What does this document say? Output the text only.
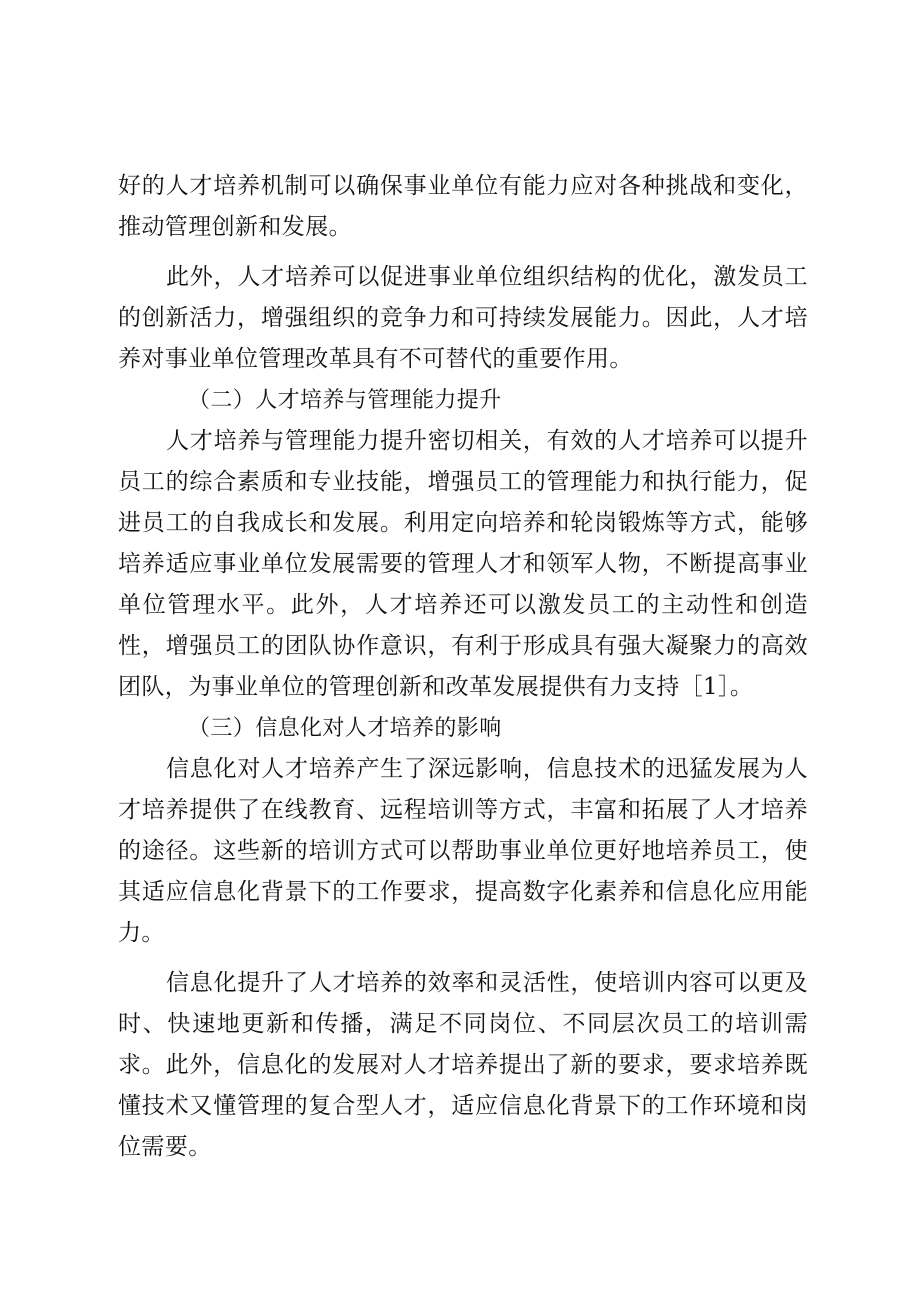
好的人才培养机制可以确保事业单位有能力应对各种挑战和变化，推动管理创新和发展。

此外，人才培养可以促进事业单位组织结构的优化，激发员工的创新活力，增强组织的竞争力和可持续发展能力。因此，人才培养对事业单位管理改革具有不可替代的重要作用。

（二）人才培养与管理能力提升

人才培养与管理能力提升密切相关，有效的人才培养可以提升员工的综合素质和专业技能，增强员工的管理能力和执行能力，促进员工的自我成长和发展。利用定向培养和轮岗锻炼等方式，能够培养适应事业单位发展需要的管理人才和领军人物，不断提高事业单位管理水平。此外，人才培养还可以激发员工的主动性和创造性，增强员工的团队协作意识，有利于形成具有强大凝聚力的高效团队，为事业单位的管理创新和改革发展提供有力支持［1］。

（三）信息化对人才培养的影响

信息化对人才培养产生了深远影响，信息技术的迅猛发展为人才培养提供了在线教育、远程培训等方式，丰富和拓展了人才培养的途径。这些新的培训方式可以帮助事业单位更好地培养员工，使其适应信息化背景下的工作要求，提高数字化素养和信息化应用能力。

信息化提升了人才培养的效率和灵活性，使培训内容可以更及时、快速地更新和传播，满足不同岗位、不同层次员工的培训需求。此外，信息化的发展对人才培养提出了新的要求，要求培养既懂技术又懂管理的复合型人才，适应信息化背景下的工作环境和岗位需要。
